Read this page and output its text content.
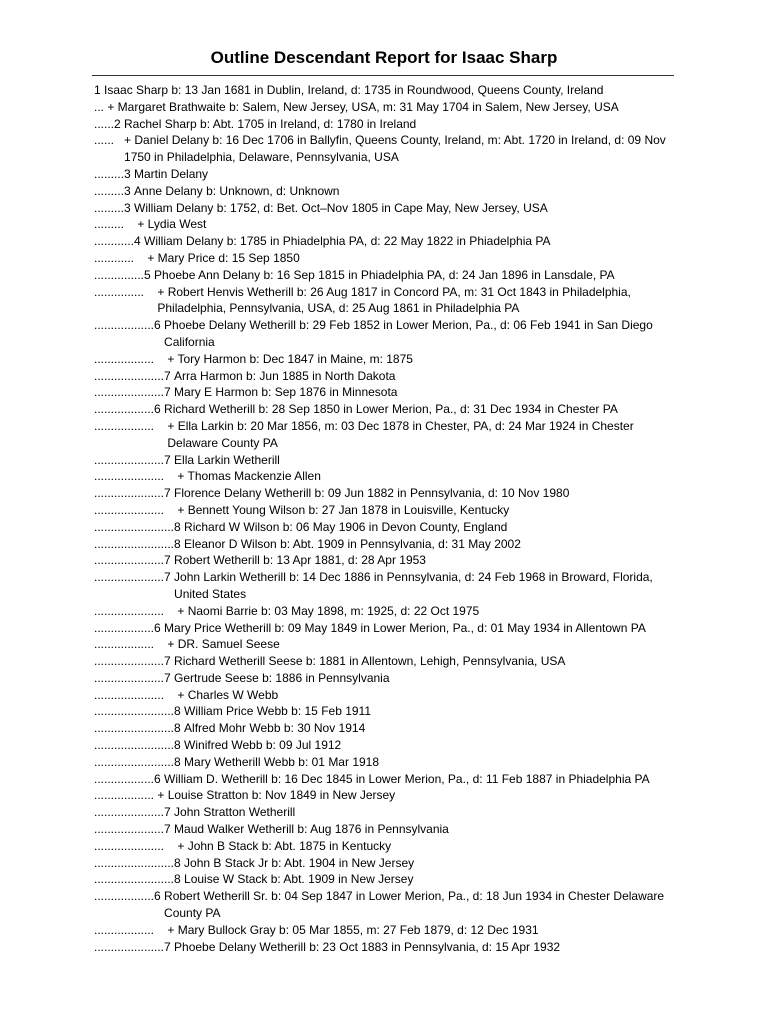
Outline Descendant Report for Isaac Sharp
1 Isaac Sharp b: 13 Jan 1681 in Dublin, Ireland, d: 1735 in Roundwood, Queens County, Ireland
... + Margaret Brathwaite b: Salem, New Jersey, USA, m: 31 May 1704 in Salem, New Jersey, USA
......2 Rachel Sharp b: Abt. 1705 in Ireland, d: 1780 in Ireland
...... + Daniel Delany b: 16 Dec 1706 in Ballyfin, Queens County, Ireland, m: Abt. 1720 in Ireland, d: 09 Nov 1750 in Philadelphia, Delaware, Pennsylvania, USA
.........3 Martin Delany
.........3 Anne Delany b: Unknown, d: Unknown
.........3 William Delany b: 1752, d: Bet. Oct–Nov 1805 in Cape May, New Jersey, USA
......... + Lydia West
............4 William Delany b: 1785 in Phiadelphia PA, d: 22 May 1822 in Phiadelphia PA
............ + Mary Price d: 15 Sep 1850
...............5 Phoebe Ann Delany b: 16 Sep 1815 in Phiadelphia PA, d: 24 Jan 1896 in Lansdale, PA
............... + Robert Henvis Wetherill b: 26 Aug 1817 in Concord PA, m: 31 Oct 1843 in Philadelphia, Philadelphia, Pennsylvania, USA, d: 25 Aug 1861 in Philadelphia PA
..................6 Phoebe Delany Wetherill b: 29 Feb 1852 in Lower Merion, Pa., d: 06 Feb 1941 in San Diego California
.................. + Tory Harmon b: Dec 1847 in Maine, m: 1875
.....................7 Arra Harmon b: Jun 1885 in North Dakota
.....................7 Mary E Harmon b: Sep 1876 in Minnesota
..................6 Richard Wetherill b: 28 Sep 1850 in Lower Merion, Pa., d: 31 Dec 1934 in Chester PA
.................. + Ella Larkin b: 20 Mar 1856, m: 03 Dec 1878 in Chester, PA, d: 24 Mar 1924 in Chester Delaware County PA
.....................7 Ella Larkin Wetherill
..................... + Thomas Mackenzie Allen
.....................7 Florence Delany Wetherill b: 09 Jun 1882 in Pennsylvania, d: 10 Nov 1980
..................... + Bennett Young Wilson b: 27 Jan 1878 in Louisville, Kentucky
........................8 Richard W Wilson b: 06 May 1906 in Devon County, England
........................8 Eleanor D Wilson b: Abt. 1909 in Pennsylvania, d: 31 May 2002
.....................7 Robert Wetherill b: 13 Apr 1881, d: 28 Apr 1953
.....................7 John Larkin Wetherill b: 14 Dec 1886 in Pennsylvania, d: 24 Feb 1968 in Broward, Florida, United States
..................... + Naomi Barrie b: 03 May 1898, m: 1925, d: 22 Oct 1975
..................6 Mary Price Wetherill b: 09 May 1849 in Lower Merion, Pa., d: 01 May 1934 in Allentown PA
.................. + DR. Samuel Seese
.....................7 Richard Wetherill Seese b: 1881 in Allentown, Lehigh, Pennsylvania, USA
.....................7 Gertrude Seese b: 1886 in Pennsylvania
..................... + Charles W Webb
........................8 William Price Webb b: 15 Feb 1911
........................8 Alfred Mohr Webb b: 30 Nov 1914
........................8 Winifred Webb b: 09 Jul 1912
........................8 Mary Wetherill Webb b: 01 Mar 1918
..................6 William D. Wetherill b: 16 Dec 1845 in Lower Merion, Pa., d: 11 Feb 1887 in Phiadelphia PA
.................. + Louise Stratton b: Nov 1849 in New Jersey
.....................7 John Stratton Wetherill
.....................7 Maud Walker Wetherill b: Aug 1876 in Pennsylvania
..................... + John B Stack b: Abt. 1875 in Kentucky
........................8 John B Stack Jr b: Abt. 1904 in New Jersey
........................8 Louise W Stack b: Abt. 1909 in New Jersey
..................6 Robert Wetherill Sr. b: 04 Sep 1847 in Lower Merion, Pa., d: 18 Jun 1934 in Chester Delaware County PA
.................. + Mary Bullock Gray b: 05 Mar 1855, m: 27 Feb 1879, d: 12 Dec 1931
.....................7 Phoebe Delany Wetherill b: 23 Oct 1883 in Pennsylvania, d: 15 Apr 1932
